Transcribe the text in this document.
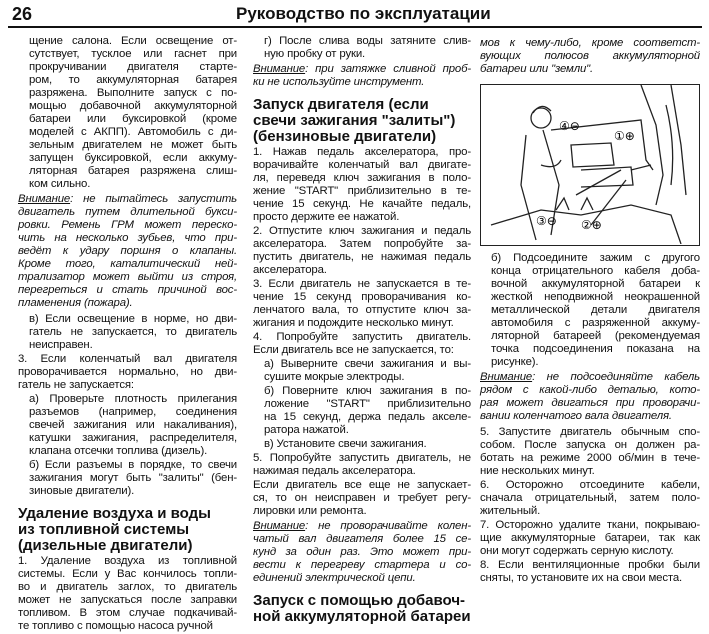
26	Руководство по эксплуатации
щение салона. Если освещение от-
сутствует, тусклое или гаснет при
прокручивании двигателя стартe-
ром, то аккумуляторная батарея
разряжена. Выполните запуск с по-
мощью добавочной аккумуляторной
батареи или буксировкой (кроме
моделей с АКПП). Автомобиль с ди-
зельным двигателем не может быть
запущен буксировкой, если аккуму-
ляторная батарея разряжена слиш-
ком сильно.
Внимание: не пытайтесь запустить
двигатель путем длительной букси-
ровки. Ремень ГРМ может переско-
чить на несколько зубьев, что при-
ведёт к удару поршня о клапаны.
Кроме того, каталитический ней-
трализатор может выйти из строя,
перегреться и стать причиной вос-
пламенения (пожара).
в) Если освещение в норме, но дви-
гатель не запускается, то двигатель
неисправен.
3. Если коленчатый вал двигателя
проворачивается нормально, но дви-
гатель не запускается:
а) Проверьте плотность прилегания
разъемов (например, соединения
свечей зажигания или накаливания),
катушки зажигания, распределителя,
клапана отсечки топлива (дизель).
б) Если разъемы в порядке, то свечи
зажигания могут быть "залиты" (бен-
зиновые двигатели).
Удаление воздуха и воды
из топливной системы
(дизельные двигатели)
1. Удаление воздуха из топливной
системы. Если у Вас кончилось топли-
во и двигатель заглох, то двигатель
может не запускаться после заправки
топливом. В этом случае подкачивай-
те топливо с помощью насоса ручной
г) После слива воды затяните слив-
ную пробку от руки.
Внимание: при затяжке сливной проб-
ки не используйте инструмент.
Запуск двигателя (если
свечи зажигания "залиты")
(бензиновые двигатели)
1. Нажав педаль акселератора, про-
ворачивайте коленчатый вал двигате-
ля, переведя ключ зажигания в поло-
жение "START" приблизительно в те-
чение 15 секунд. Не качайте педаль,
просто держите ее нажатой.
2. Отпустите ключ зажигания и педаль
акселератора. Затем попробуйте за-
пустить двигатель, не нажимая педаль
акселератора.
3. Если двигатель не запускается в те-
чение 15 секунд проворачивания ко-
ленчатого вала, то отпустите ключ за-
жигания и подождите несколько минут.
4. Попробуйте запустить двигатель.
Если двигатель все не запускается, то:
а) Выверните свечи зажигания и вы-
сушите мокрые электроды.
б) Поверните ключ зажигания в по-
ложение "START" приблизительно
на 15 секунд, держа педаль акселе-
ратора нажатой.
в) Установите свечи зажигания.
5. Попробуйте запустить двигатель, не
нажимая педаль акселератора.
Если двигатель все еще не запускает-
ся, то он неисправен и требует регу-
лировки или ремонта.
Внимание: не проворачивайте колен-
чатый вал двигателя более 15 се-
кунд за один раз. Это может при-
вести к перегреву стартера и со-
единений электрической цепи.
Запуск с помощью добавоч-
ной аккумуляторной батареи
мов к чему-либо, кроме соответст-
вующих полюсов аккумуляторной
батареи или "земли".
④⊖
①⊕
③⊖ ②⊕
б) Подсоедините зажим с другого
конца отрицательного кабеля доба-
вочной аккумуляторной батареи к
жесткой неподвижной неокрашенной
металлической детали двигателя
автомобиля с разряженной аккуму-
ляторной батареей (рекомендуемая
точка подсоединения показана на
рисунке).
Внимание: не подсоединяйте кабель
рядом с какой-либо деталью, кото-
рая может двигаться при проворачи-
вании коленчатого вала двигателя.
5. Запустите двигатель обычным спо-
собом. После запуска он должен ра-
ботать на режиме 2000 об/мин в тече-
ние нескольких минут.
6. Осторожно отсоедините кабели,
сначала отрицательный, затем поло-
жительный.
7. Осторожно удалите ткани, покрываю-
щие аккумуляторные батареи, так как
они могут содержать серную кислоту.
8. Если вентиляционные пробки были
сняты, то установите их на свои места.
